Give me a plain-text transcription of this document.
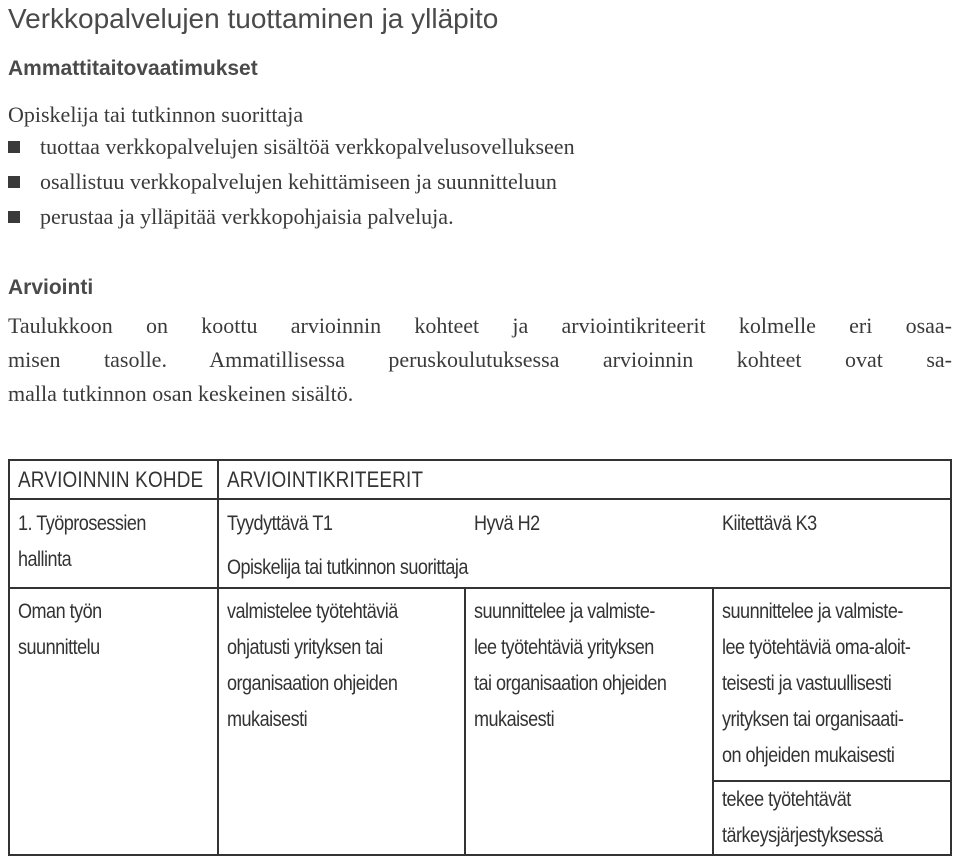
Verkkopalvelujen tuottaminen ja ylläpito
Ammattitaitovaatimukset
Opiskelija tai tutkinnon suorittaja
tuottaa verkkopalvelujen sisältöä verkkopalvelusovellukseen
osallistuu verkkopalvelujen kehittämiseen ja suunnitteluun
perustaa ja ylläpitää verkkopohjaisia palveluja.
Arviointi
Taulukkoon on koottu arvioinnin kohteet ja arviointikriteerit kolmelle eri osaa-
misen tasolle. Ammatillisessa peruskoulutuksessa arvioinnin kohteet ovat sa-
malla tutkinnon osan keskeinen sisältö.
ARVIOINNIN KOHDE ARVIOINTIKRITEERIT
1. Työprosessien
hallinta
Tyydyttävä T1	Hyvä H2	Kiitettävä K3
Opiskelija tai tutkinnon suorittaja
Oman työn
suunnittelu
valmistelee työtehtäviä
ohjatusti yrityksen tai
organisaation ohjeiden
mukaisesti
suunnittelee ja valmiste-
lee työtehtäviä yrityksen
tai organisaation ohjeiden
mukaisesti
suunnittelee ja valmiste-
lee työtehtäviä oma-aloit-
teisesti ja vastuullisesti
yrityksen tai organisaati-
on ohjeiden mukaisesti
tekee työtehtävät
tärkeysjärjestyksessä
